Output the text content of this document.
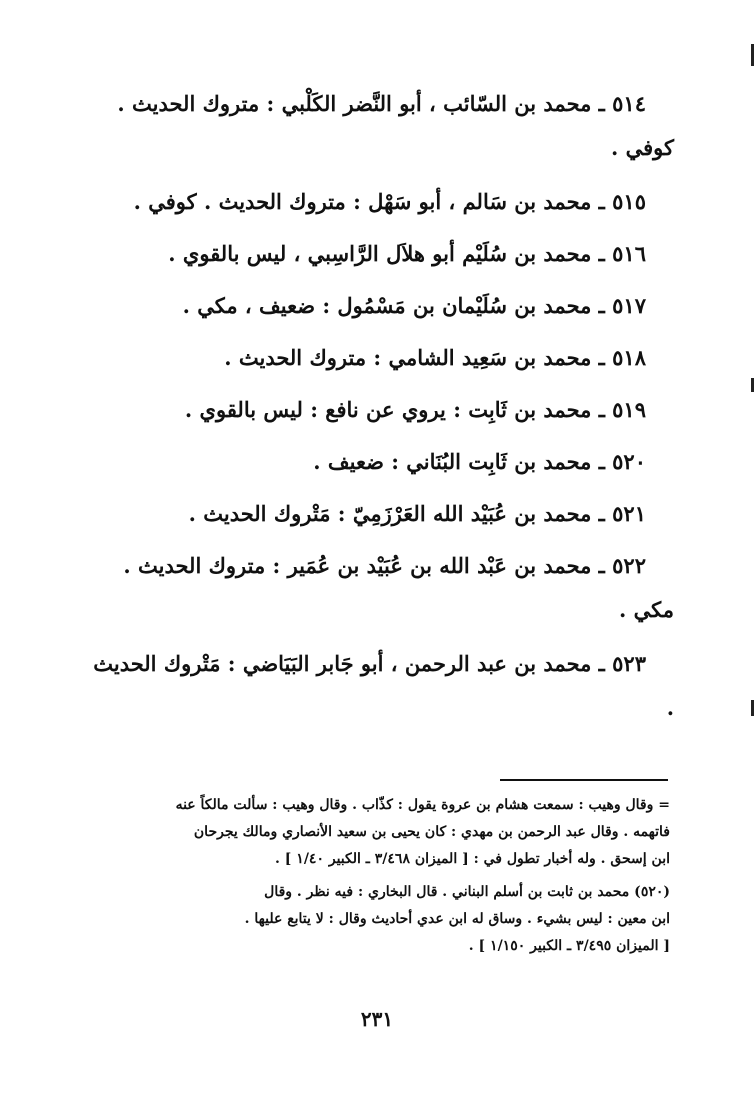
٥١٤ ـ محمد بن السّائب ، أبو النَّضر الكَلْبي : متروك الحديث . كوفي .

٥١٥ ـ محمد بن سَالم ، أبو سَهْل : متروك الحديث . كوفي .

٥١٦ ـ محمد بن سُلَيْم أبو هلاَل الرَّاسِبي ، ليس بالقوي .

٥١٧ ـ محمد بن سُلَيْمان بن مَسْمُول : ضعيف ، مكي .

٥١٨ ـ محمد بن سَعِيد الشامي : متروك الحديث .

٥١٩ ـ محمد بن ثَابِت : يروي عن نافع : ليس بالقوي .

٥٢٠ ـ محمد بن ثَابِت البُنَاني : ضعيف .

٥٢١ ـ محمد بن عُبَيْد الله العَرْزَمِيّ : مَتْروك الحديث .

٥٢٢ ـ محمد بن عَبْد الله بن عُبَيْد بن عُمَير : متروك الحديث . مكي .

٥٢٣ ـ محمد بن عبد الرحمن ، أبو جَابر البَيَاضي : مَتْروك الحديث .

= وقال وهيب : سمعت هشام بن عروة يقول : كذّاب . وقال وهيب : سألت مالكاً عنه

فاتهمه . وقال عبد الرحمن بن مهدي : كان يحيى بن سعيد الأنصاري ومالك يجرحان

ابن إسحق . وله أخبار تطول في : [ الميزان ٣/٤٦٨ ـ الكبير ١/٤٠ ] .

(٥٢٠) محمد بن ثابت بن أسلم البناني . قال البخاري : فيه نظر . وقال

ابن معين : ليس بشيء . وساق له ابن عدي أحاديث وقال : لا يتابع عليها .

[ الميزان ٣/٤٩٥ ـ الكبير ١/١٥٠ ] .

٢٣١
